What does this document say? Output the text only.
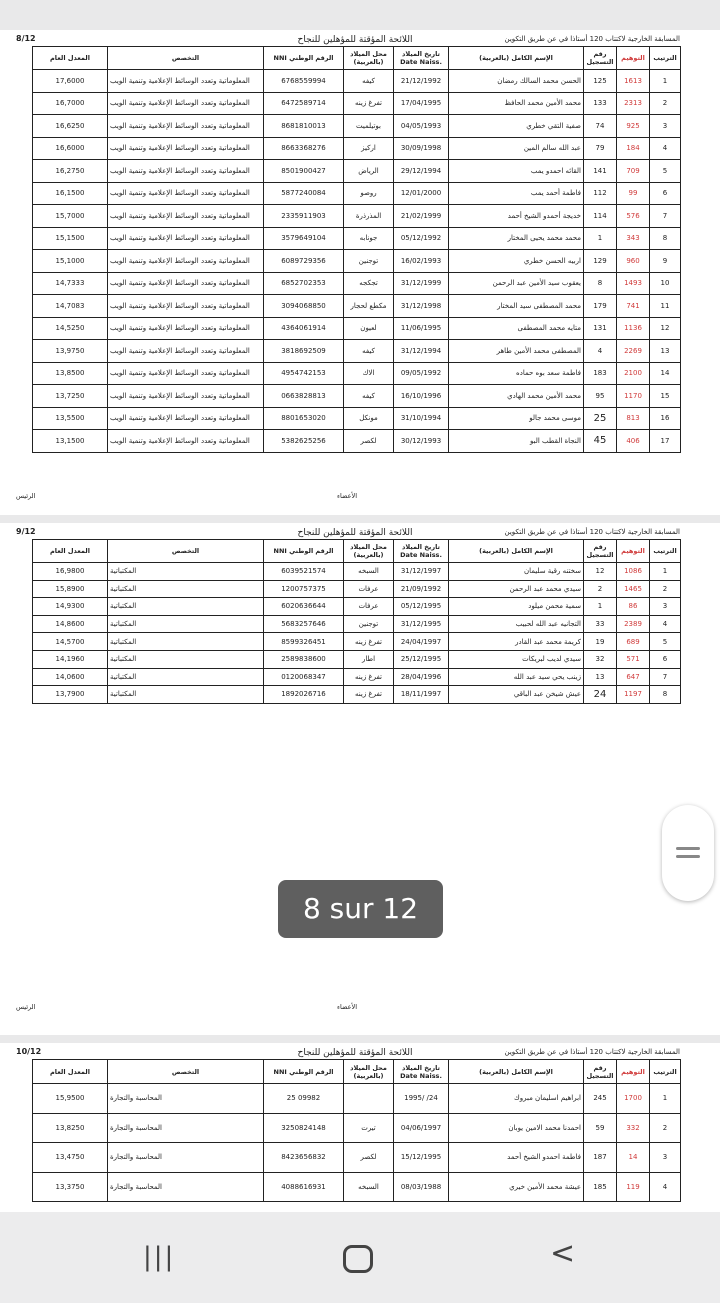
8/12	المسابقة الخارجية لاكتتاب 120 أستاذا في عن طريق التكوين
اللائحة المؤقتة للمؤهلين للنجاح
الترتيب	التوهيم	رقم التسجيل	الإسم الكامل (بالعربية)	تاريخ الميلاد .Date Naiss	محل الميلاد (بالعربية)	الرقم الوطني NNI	التخصص	المعدل العام
1	1613	125	الحسن محمد السالك رمضان	21/12/1992	كيفه	6768559994	المعلوماتية وتعدد الوسائط الإعلامية وتنمية الويب	17,6000
2	2313	133	محمد الأمين محمد الحافظ	17/04/1995	تفرغ زينه	6472589714	المعلوماتية وتعدد الوسائط الإعلامية وتنمية الويب	16,7000
3	925	74	صفية التقي خطري	04/05/1993	بوتيلميت	8681810013	المعلوماتية وتعدد الوسائط الإعلامية وتنمية الويب	16,6250
4	184	79	عبد الله سالم المين	30/09/1998	اركيز	8663368276	المعلوماتية وتعدد الوسائط الإعلامية وتنمية الويب	16,6000
5	709	141	القائه احمدو يمب	29/12/1994	الرياض	8501900427	المعلوماتية وتعدد الوسائط الإعلامية وتنمية الويب	16,2750
6	99	112	فاطمة أحمد يمب	12/01/2000	روصو	5877240084	المعلوماتية وتعدد الوسائط الإعلامية وتنمية الويب	16,1500
7	576	114	خديجة أحمدو الشيخ أحمد	21/02/1999	المذرذرة	2335911903	المعلوماتية وتعدد الوسائط الإعلامية وتنمية الويب	15,7000
8	343	1	محمد محمد يحيى المختار	05/12/1992	جونابه	3579649104	المعلوماتية وتعدد الوسائط الإعلامية وتنمية الويب	15,1500
9	960	129	اربيه الحسن خطري	16/02/1993	توجنين	6089729356	المعلوماتية وتعدد الوسائط الإعلامية وتنمية الويب	15,1000
10	1493	8	يعقوب سيد الأمين عبد الرحمن	31/12/1999	تجكجه	6852702353	المعلوماتية وتعدد الوسائط الإعلامية وتنمية الويب	14,7333
11	741	179	محمد المصطفى سيد المختار	31/12/1998	مكطع لحجار	3094068850	المعلوماتية وتعدد الوسائط الإعلامية وتنمية الويب	14,7083
12	1136	131	متايه محمد المصطفى	11/06/1995	لعيون	4364061914	المعلوماتية وتعدد الوسائط الإعلامية وتنمية الويب	14,5250
13	2269	4	المصطفى محمد الأمين طاهر	31/12/1994	كيفه	3818692509	المعلوماتية وتعدد الوسائط الإعلامية وتنمية الويب	13,9750
14	2100	183	فاطمة سعد بوه حماده	09/05/1992	الاك	4954742153	المعلوماتية وتعدد الوسائط الإعلامية وتنمية الويب	13,8500
15	1170	95	محمد الأمين محمد الهادي	16/10/1996	كيفه	0663828813	المعلوماتية وتعدد الوسائط الإعلامية وتنمية الويب	13,7250
16	813	25	موسى محمد جالو	31/10/1994	مونكل	8801653020	المعلوماتية وتعدد الوسائط الإعلامية وتنمية الويب	13,5500
17	406	45	النجاة القطب البو	30/12/1993	لكصر	5382625256	المعلوماتية وتعدد الوسائط الإعلامية وتنمية الويب	13,1500
الرئيس	الأعضاء
9/12	المسابقة الخارجية لاكتتاب 120 أستاذا في عن طريق التكوين
اللائحة المؤقتة للمؤهلين للنجاح
الترتيب	التوهيم	رقم التسجيل	الإسم الكامل (بالعربية)	تاريخ الميلاد .Date Naiss	محل الميلاد (بالعربية)	الرقم الوطني NNI	التخصص	المعدل العام
1	1086	12	سختنه رقية سليمان	31/12/1997	السبخه	6039521574	المكتباتية	16,9800
2	1465	2	سيدي محمد عبد الرحمن	21/09/1992	عرفات	1200757375	المكتباتية	15,8900
3	86	1	سمية محمن ميلود	05/12/1995	عرفات	6020636644	المكتباتية	14,9300
4	2389	33	التجانيه عبد الله لحبيب	31/12/1995	توجنين	5683257646	المكتباتية	14,8600
5	689	19	كريمة محمد عبد القادر	24/04/1997	تفرغ زينه	8599326451	المكتباتية	14,5700
6	571	32	سيدي لديب لبريكات	25/12/1995	اطار	2589838600	المكتباتية	14,1960
7	647	13	زينب يحي سيد عبد الله	28/04/1996	تفرغ زينه	0120068347	المكتباتية	14,0600
8	1197	24	عيش شيخن عبد الباقي	18/11/1997	تفرغ زينه	1892026716	المكتباتية	13,7900
الرئيس	الأعضاء
10/12	المسابقة الخارجية لاكتتاب 120 أستاذا في عن طريق التكوين
اللائحة المؤقتة للمؤهلين للنجاح
الترتيب	التوهيم	رقم التسجيل	الإسم الكامل (بالعربية)	تاريخ الميلاد .Date Naiss	محل الميلاد (بالعربية)	الرقم الوطني NNI	التخصص	المعدل العام
1	1700	245	ابراهيم اسليمان مبروك	24/ /1995		09982 25	المحاسبة والتجارة	15,9500
2	332	59	احمدنا محمد الامين يوبان	04/06/1997	تيرت	3250824148	المحاسبة والتجارة	13,8250
3	14	187	فاطمة احمدو الشيخ أحمد	15/12/1995	لكصر	8423656832	المحاسبة والتجارة	13,4750
4	119	185	عيشة محمد الأمين خيري	08/03/1988	السبخه	4088616931	المحاسبة والتجارة	13,3750
8 sur 12
|||	<
